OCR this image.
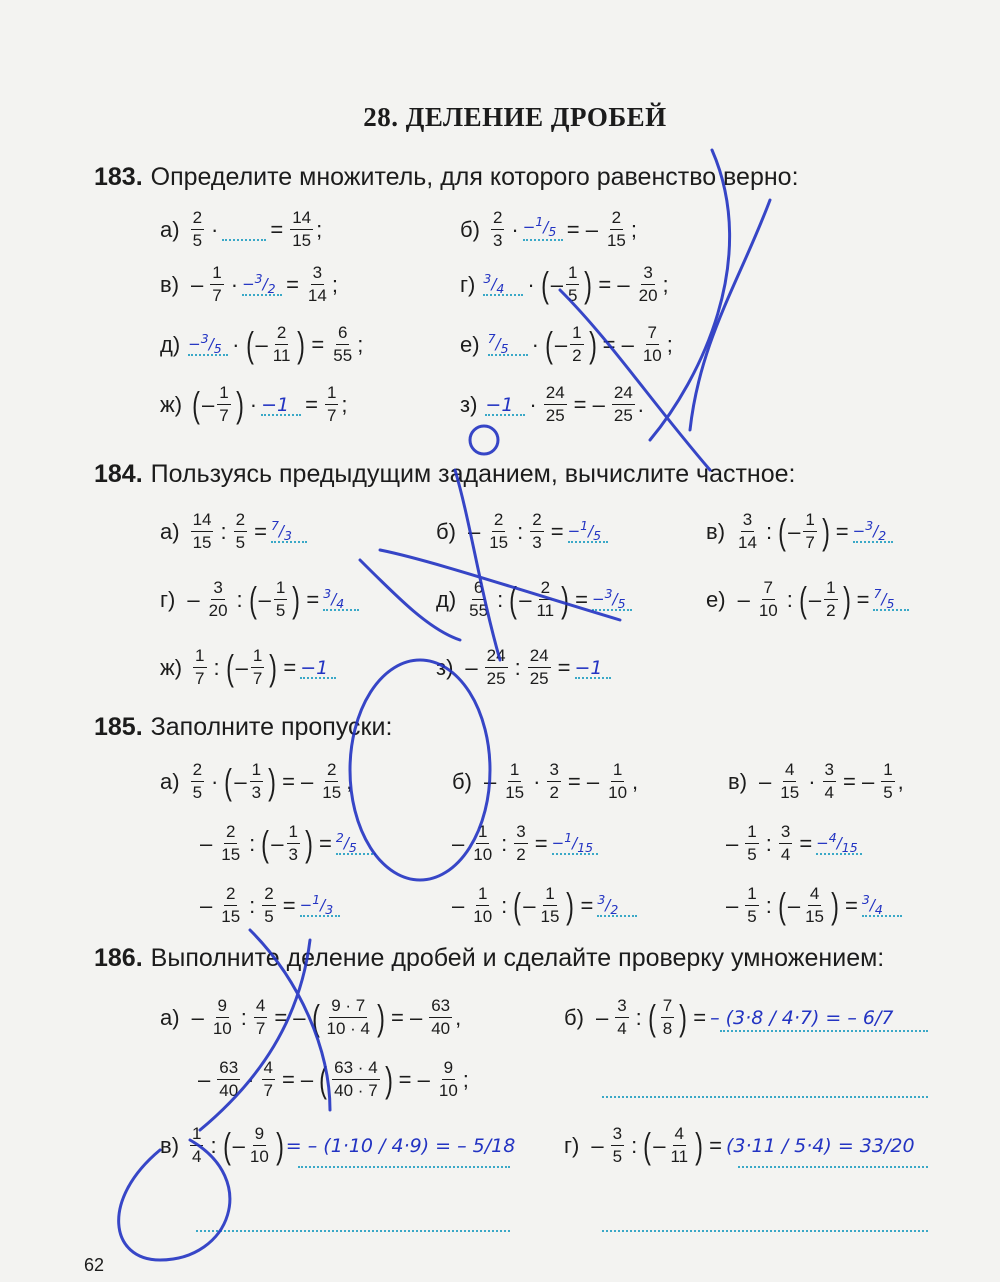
28. ДЕЛЕНИЕ ДРОБЕЙ
183. Определите множитель, для которого равенство верно:
$а) \frac{2}{5}$ · = $\frac{14}{15}$ ;	$б) \frac{2}{3} \cdot -^1/_5$ = – $\frac{2}{15}$ ;
$в) - \frac{1}{7} \cdot -^3/_2 = \frac{3}{14}$ ;	г) $^3/_4$ · ( – $\frac{1}{5}$ ) = – $\frac{3}{20}$ ;
$д) -^3/_5$ · ( – $\frac{2}{11}$ ) = $\frac{6}{55}$ ;	е) $^7/_5$ · ( – $\frac{1}{2}$ ) = – $\frac{7}{10}$ ;
ж) ( – $\frac{1}{7}$ ) · $-1 = \frac{1}{7}$ ;	$з) -1 \cdot \frac{24}{25}$ = – $\frac{24}{25}$ .
184. Пользуясь предыдущим заданием, вычислите частное:
$а) \frac{14}{15}$ : $\frac{2}{5} = ^7/_3$	$б) - \frac{2}{15}$ : $\frac{2}{3} = -^1/_5$	$в) \frac{3}{14}$ : ( – $\frac{1}{7}$ ) = $-^3/_2$
$г) - \frac{3}{20}$ : ( – $\frac{1}{5}$ ) = $^3/_4$	$д) \frac{6}{55}$ : ( – $\frac{2}{11}$ ) = $-^3/_5$	$е) - \frac{7}{10}$ : ( – $\frac{1}{2}$ ) = $^7/_5$
$ж) \frac{1}{7}$ : ( – $\frac{1}{7}$ ) = −1	$з) - \frac{24}{25}$ : $\frac{24}{25} = -1$
185. Заполните пропуски:
$а) \frac{2}{5}$ · ( – $\frac{1}{3}$ ) = – $\frac{2}{15}$ ,	$б) - \frac{1}{15} \cdot \frac{3}{2}$ = – $\frac{1}{10}$ ,	$в) - \frac{4}{15} \cdot \frac{3}{4}$ = – $\frac{1}{5}$ ,
– $\frac{2}{15}$ : ( – $\frac{1}{3}$ ) = $^2/_5$	– $\frac{1}{10}$ : $\frac{3}{2} = -^1/_{15}$	– $\frac{1}{5}$ : $\frac{3}{4} = -^4/_{15}$
– $\frac{2}{15}$ : $\frac{2}{5} = -^1/_3$	– $\frac{1}{10}$ : ( – $\frac{1}{15}$ ) = $^3/_2$	– $\frac{1}{5}$ : ( – $\frac{4}{15}$ ) = $^3/_4$
186. Выполните деление дробей и сделайте проверку умножением:
$а) - \frac{9}{10}$ : $\frac{4}{7}$ = – ( $\frac{9 \cdot 7}{10 \cdot 4}$ ) = – $\frac{63}{40}$ ,	$б) - \frac{3}{4}$ : ( $\frac{7}{8}$ ) = – (3·8 / 4·7) = – 6/7
– $\frac{63}{40} \cdot \frac{4}{7}$ = – ( $\frac{63 \cdot 4}{40 \cdot 7}$ ) = – $\frac{9}{10}$ ;
$в) \frac{1}{4}$ : ( – $\frac{9}{10}$ ) = – (1·10 / 4·9) = – 5/18 $г) - \frac{3}{5}$ : ( – $\frac{4}{11}$ ) = (3·11 / 5·4) = 33/20
62
